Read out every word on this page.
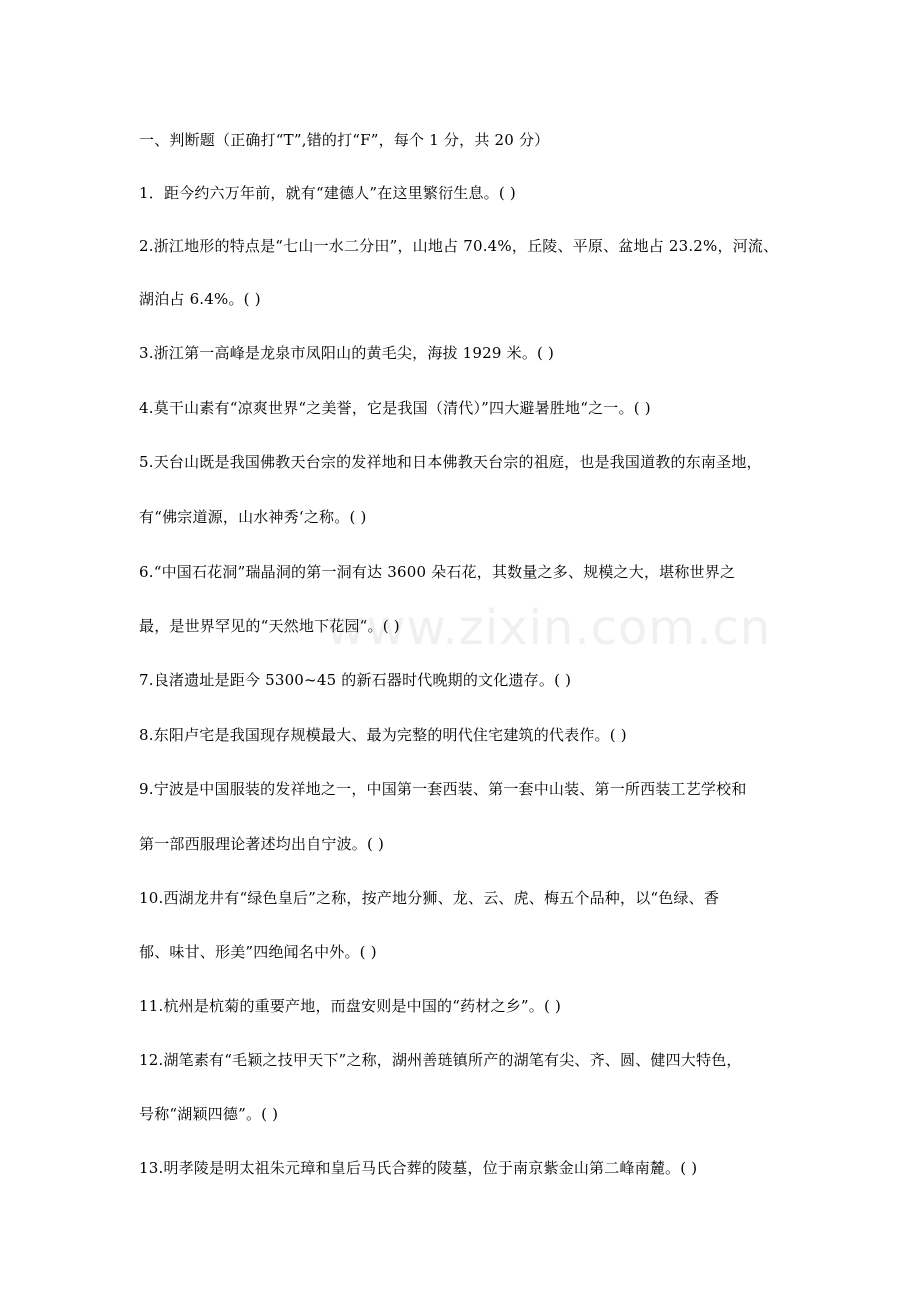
www.zixin.com.cn
一、判断题（正确打“T”,错的打“F”，每个 1 分，共 20 分）
1．距今约六万年前，就有“建德人”在这里繁衍生息。( )
2.浙江地形的特点是“七山一水二分田”，山地占 70.4%，丘陵、平原、盆地占 23.2%，河流、
湖泊占 6.4%。( )
3.浙江第一高峰是龙泉市凤阳山的黄毛尖，海拔 1929 米。( )
4.莫干山素有“凉爽世界“之美誉，它是我国（清代）”四大避暑胜地“之一。( )
5.天台山既是我国佛教天台宗的发祥地和日本佛教天台宗的祖庭，也是我国道教的东南圣地，
有“佛宗道源，山水神秀‘之称。( )
6.“中国石花洞”瑞晶洞的第一洞有达 3600 朵石花，其数量之多、规模之大，堪称世界之
最，是世界罕见的“天然地下花园“。( )
7.良渚遗址是距今 5300~45 的新石器时代晚期的文化遗存。( )
8.东阳卢宅是我国现存规模最大、最为完整的明代住宅建筑的代表作。( )
9.宁波是中国服装的发祥地之一，中国第一套西装、第一套中山装、第一所西装工艺学校和
第一部西服理论著述均出自宁波。( )
10.西湖龙井有“绿色皇后”之称，按产地分狮、龙、云、虎、梅五个品种，以“色绿、香
郁、味甘、形美”四绝闻名中外。( )
11.杭州是杭菊的重要产地，而盘安则是中国的“药材之乡”。( )
12.湖笔素有“毛颖之技甲天下”之称，湖州善琏镇所产的湖笔有尖、齐、圆、健四大特色，
号称“湖颖四德”。( )
13.明孝陵是明太祖朱元璋和皇后马氏合葬的陵墓，位于南京紫金山第二峰南麓。( )
